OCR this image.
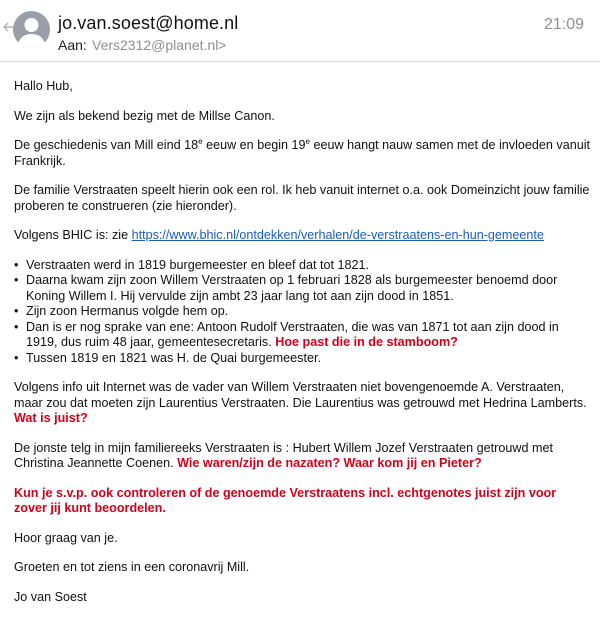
jo.van.soest@home.nl
Aan: Vers2312@planet.nl >
21:09

Hallo Hub,

We zijn als bekend bezig met de Millse Canon.

De geschiedenis van Mill eind 18e eeuw en begin 19e eeuw hangt nauw samen met de invloeden vanuit Frankrijk.

De familie Verstraaten speelt hierin ook een rol. Ik heb vanuit internet o.a. ook Domeinzicht jouw familie proberen te construeren (zie hieronder).

Volgens BHIC is: zie https://www.bhic.nl/ontdekken/verhalen/de-verstraatens-en-hun-gemeente

• Verstraaten werd in 1819 burgemeester en bleef dat tot 1821.
• Daarna kwam zijn zoon Willem Verstraaten op 1 februari 1828 als burgemeester benoemd door Koning Willem I. Hij vervulde zijn ambt 23 jaar lang tot aan zijn dood in 1851.
• Zijn zoon Hermanus volgde hem op.
• Dan is er nog sprake van ene: Antoon Rudolf Verstraaten, die was van 1871 tot aan zijn dood in 1919, dus ruim 48 jaar, gemeentesecretaris. Hoe past die in de stamboom?
• Tussen 1819 en 1821 was H. de Quai burgemeester.

Volgens info uit Internet was de vader van Willem Verstraaten niet bovengenoemde A. Verstraaten, maar zou dat moeten zijn Laurentius Verstraaten. Die Laurentius was getrouwd met Hedrina Lamberts. Wat is juist?

De jonste telg in mijn familiereeks Verstraaten is : Hubert Willem Jozef Verstraaten getrouwd met Christina Jeannette Coenen. Wie waren/zijn de nazaten? Waar kom jij en Pieter?

Kun je s.v.p. ook controleren of de genoemde Verstraatens incl. echtgenotes juist zijn voor zover jij kunt beoordelen.

Hoor graag van je.

Groeten en tot ziens in een coronavrij Mill.

Jo van Soest
